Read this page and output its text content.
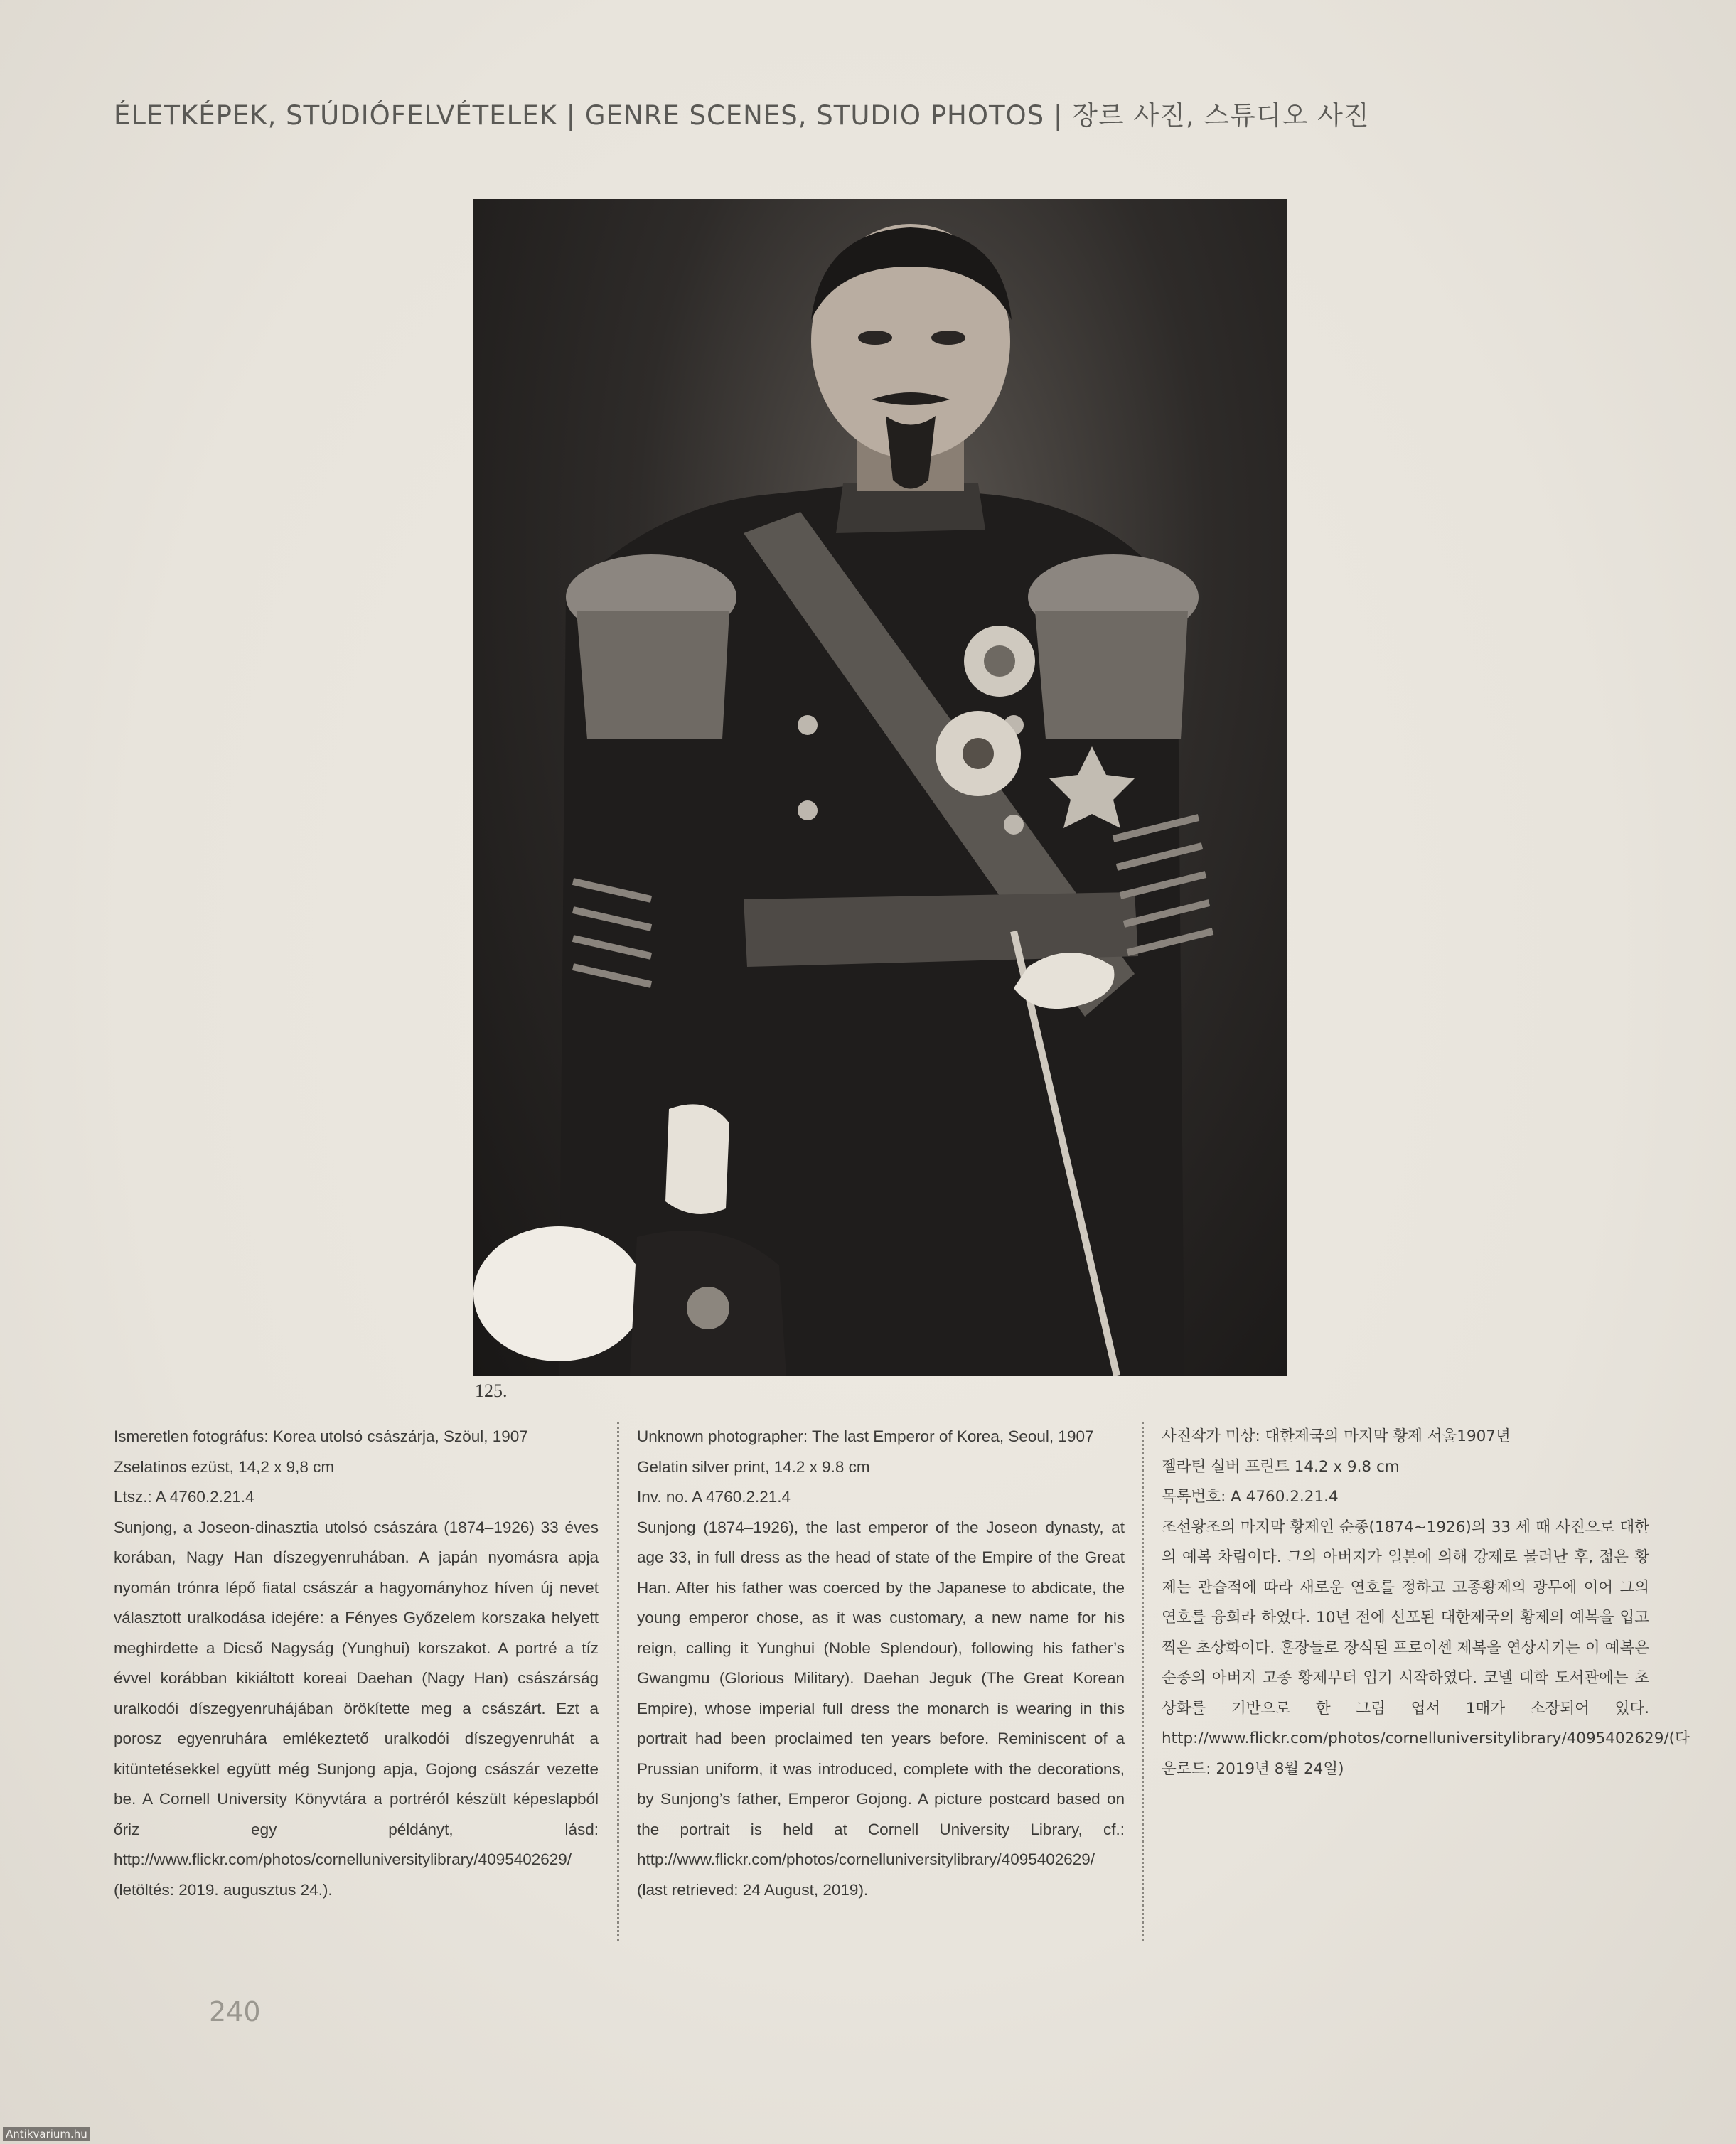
ÉLETKÉPEK, STÚDIÓFELVÉTELEK | GENRE SCENES, STUDIO PHOTOS | 장르 사진, 스튜디오 사진
125.

Ismeretlen fotográfus: Korea utolsó császárja, Szöul, 1907

Zselatinos ezüst, 14,2 x 9,8 cm

Ltsz.: A 4760.2.21.4

Sunjong, a Joseon-dinasztia utolsó császára (1874–1926) 33 éves korában, Nagy Han díszegyenruhában. A japán nyomásra apja nyomán trónra lépő fiatal császár a hagyományhoz híven új nevet választott uralkodása idejére: a Fényes Győzelem korszaka helyett meghirdette a Dicső Nagyság (Yunghui) korszakot. A portré a tíz évvel korábban kikiáltott koreai Daehan (Nagy Han) császárság uralkodói díszegyenruhájában örökítette meg a császárt. Ezt a porosz egyenruhára emlékeztető uralkodói díszegyenruhát a kitüntetésekkel együtt még Sunjong apja, Gojong császár vezette be. A Cornell University Könyvtára a portréról készült képeslapból őriz egy példányt, lásd: http://www.flickr.com/photos/cornelluniversitylibrary/4095402629/ (letöltés: 2019. augusztus 24.).

Unknown photographer: The last Emperor of Korea, Seoul, 1907

Gelatin silver print, 14.2 x 9.8 cm

Inv. no. A 4760.2.21.4

Sunjong (1874–1926), the last emperor of the Joseon dynasty, at age 33, in full dress as the head of state of the Empire of the Great Han. After his father was coerced by the Japanese to abdicate, the young emperor chose, as it was customary, a new name for his reign, calling it Yunghui (Noble Splendour), following his father’s Gwangmu (Glorious Military). Daehan Jeguk (The Great Korean Empire), whose imperial full dress the monarch is wearing in this portrait had been proclaimed ten years before. Reminiscent of a Prussian uniform, it was introduced, complete with the decorations, by Sunjong’s father, Emperor Gojong. A picture postcard based on the portrait is held at Cornell University Library, cf.: http://www.flickr.com/photos/cornelluniversitylibrary/4095402629/ (last retrieved: 24 August, 2019).

사진작가 미상: 대한제국의 마지막 황제 서울1907년

젤라틴 실버 프린트 14.2 x 9.8 cm

목록번호: A 4760.2.21.4

조선왕조의 마지막 황제인 순종(1874~1926)의 33 세 때 사진으로 대한의 예복 차림이다. 그의 아버지가 일본에 의해 강제로 물러난 후, 젊은 황제는 관습적에 따라 새로운 연호를 정하고 고종황제의 광무에 이어 그의 연호를 융희라 하였다. 10년 전에 선포된 대한제국의 황제의 예복을 입고 찍은 초상화이다. 훈장들로 장식된 프로이센 제복을 연상시키는 이 예복은 순종의 아버지 고종 황제부터 입기 시작하였다. 코넬 대학 도서관에는 초상화를 기반으로 한 그림 엽서 1매가 소장되어 있다. http://www.flickr.com/photos/cornelluniversitylibrary/4095402629/(다운로드: 2019년 8월 24일)

240
Antikvarium.hu
